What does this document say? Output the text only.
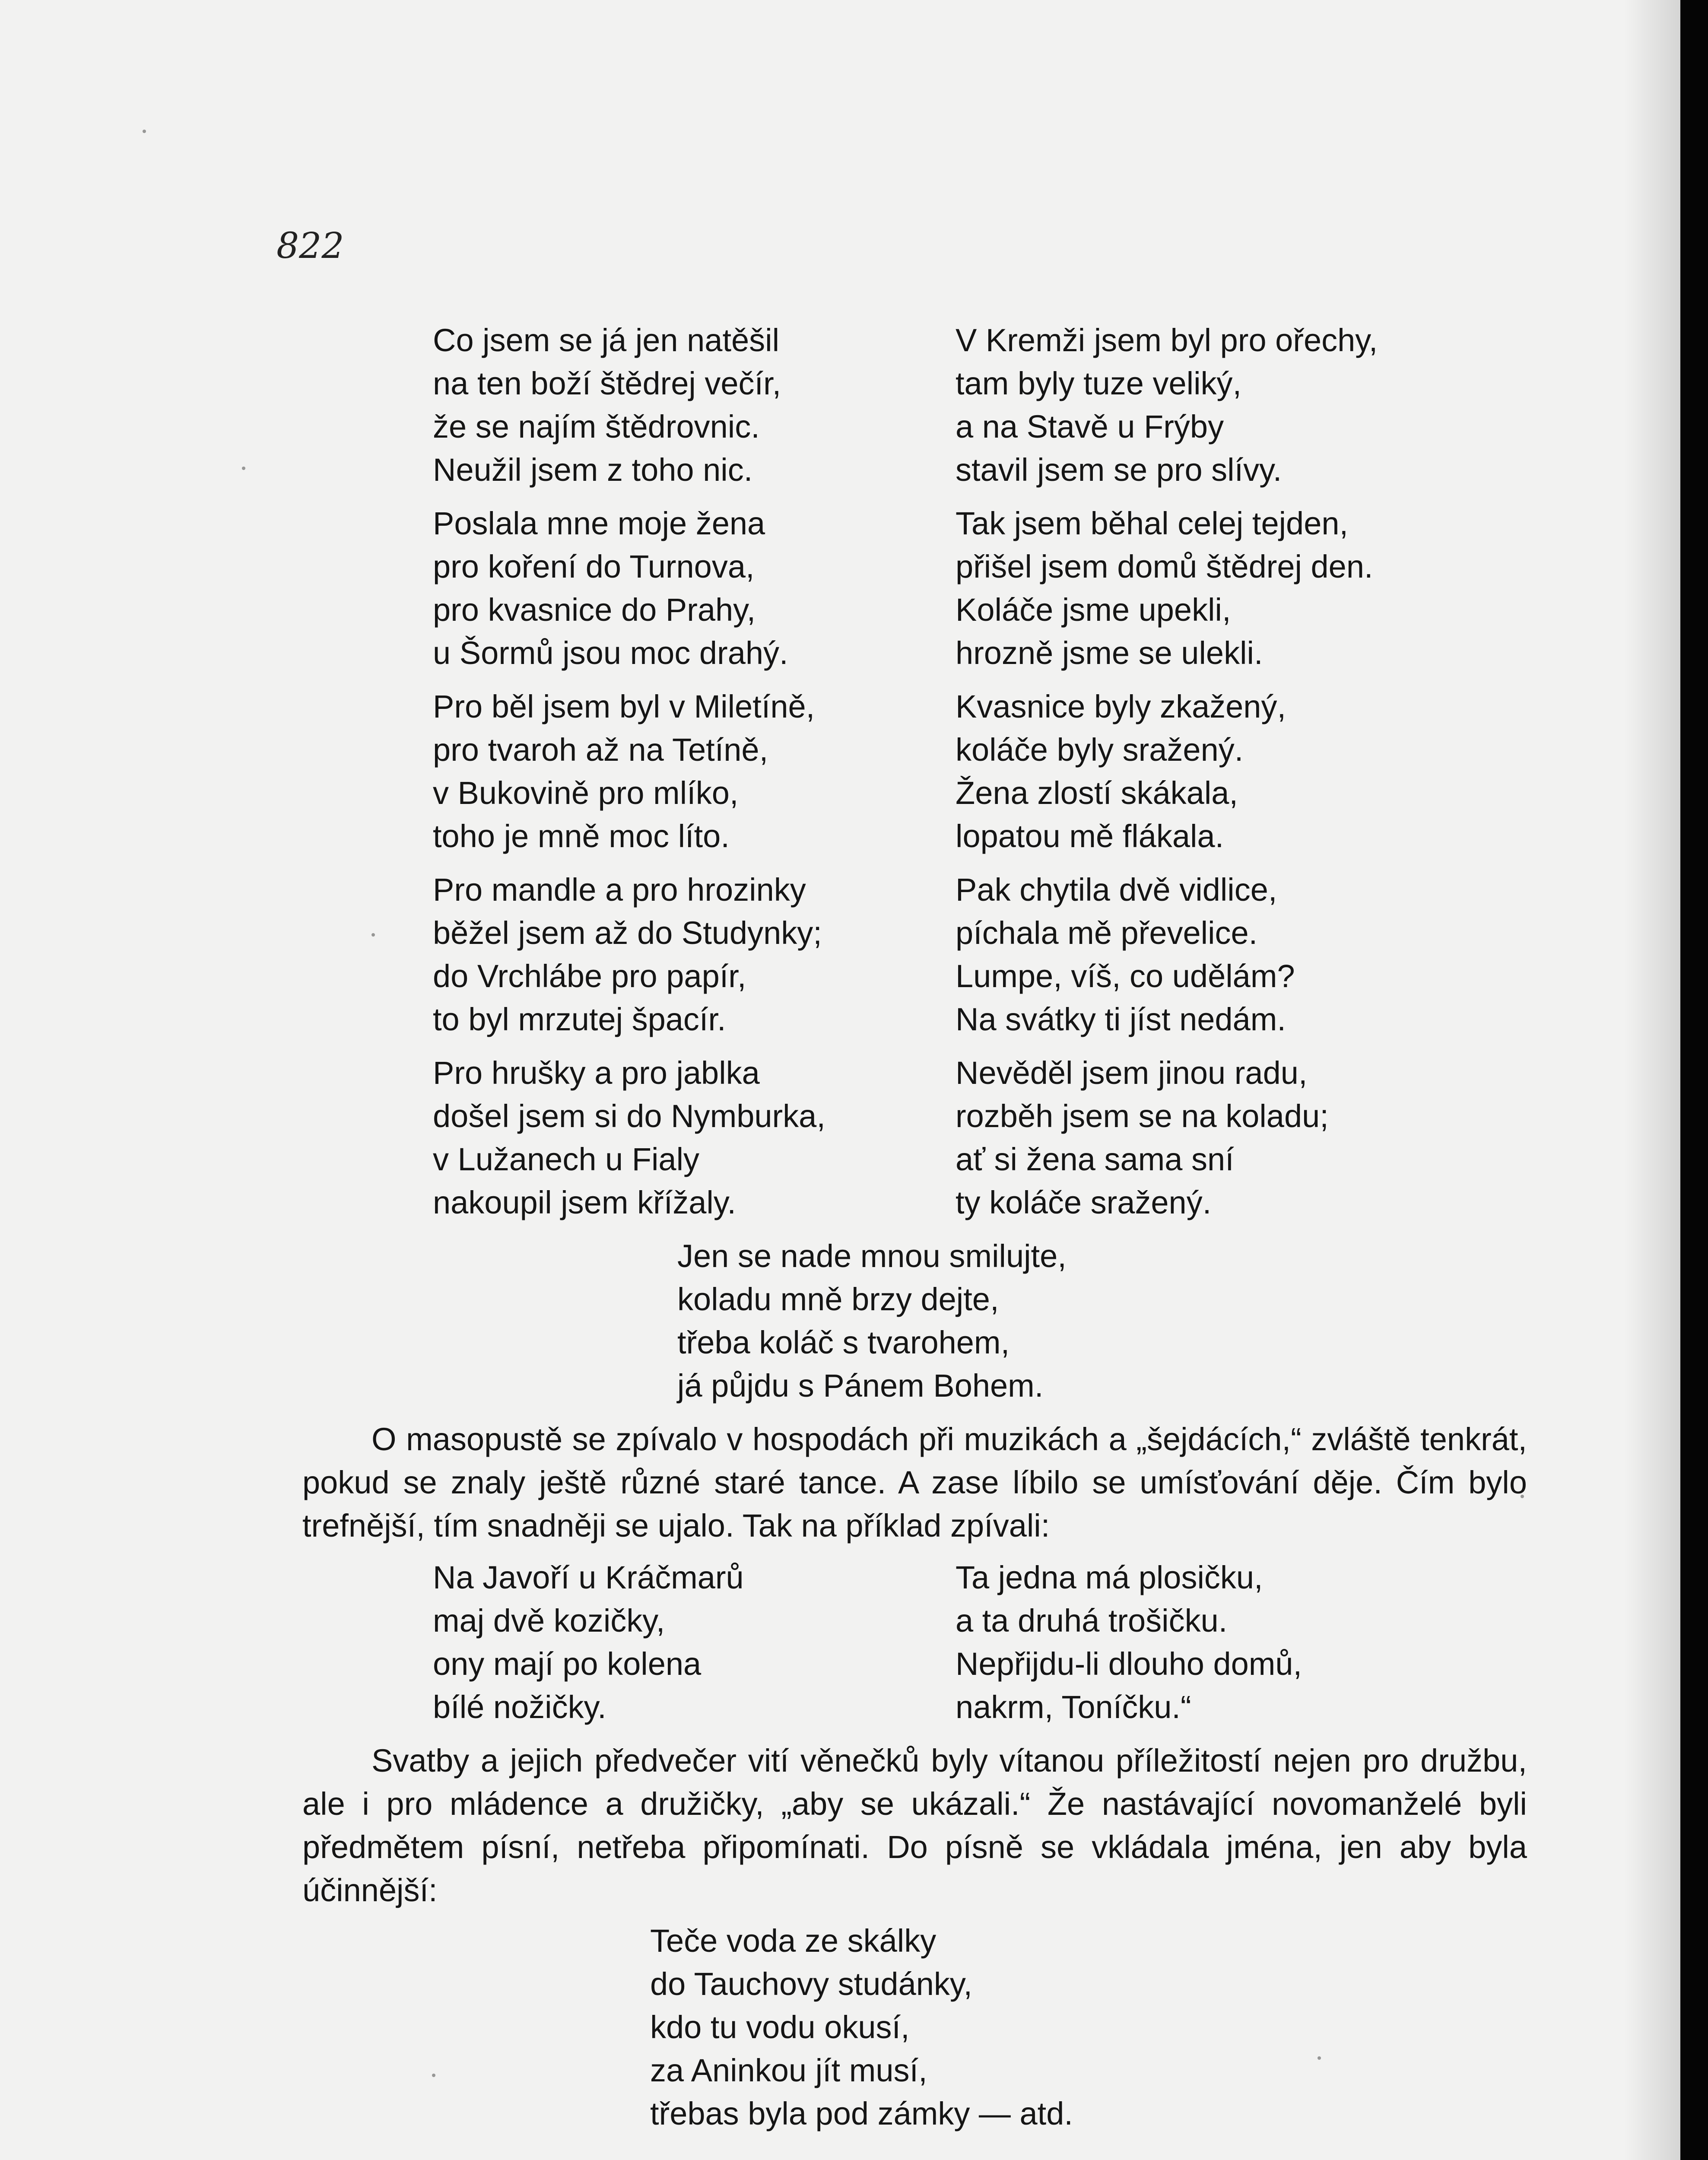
822

Co jsem se já jen natěšil

na ten boží štědrej večír,

že se najím štědrovnic.

Neužil jsem z toho nic.

Poslala mne moje žena

pro koření do Turnova,

pro kvasnice do Prahy,

u Šormů jsou moc drahý.

Pro běl jsem byl v Miletíně,

pro tvaroh až na Tetíně,

v Bukovině pro mlíko,

toho je mně moc líto.

Pro mandle a pro hrozinky

běžel jsem až do Studynky;

do Vrchlábe pro papír,

to byl mrzutej špacír.

Pro hrušky a pro jablka

došel jsem si do Nymburka,

v Lužanech u Fialy

nakoupil jsem křížaly.

V Kremži jsem byl pro ořechy,

tam byly tuze veliký,

a na Stavě u Frýby

stavil jsem se pro slívy.

Tak jsem běhal celej tejden,

přišel jsem domů štědrej den.

Koláče jsme upekli,

hrozně jsme se ulekli.

Kvasnice byly zkažený,

koláče byly sražený.

Žena zlostí skákala,

lopatou mě flákala.

Pak chytila dvě vidlice,

píchala mě převelice.

Lumpe, víš, co udělám?

Na svátky ti jíst nedám.

Nevěděl jsem jinou radu,

rozběh jsem se na koladu;

ať si žena sama sní

ty koláče sražený.

Jen se nade mnou smilujte,

koladu mně brzy dejte,

třeba koláč s tvarohem,

já půjdu s Pánem Bohem.

O masopustě se zpívalo v hospodách při muzikách a „šejdácích,“ zvláště tenkrát, pokud se znaly ještě různé staré tance. A zase líbilo se umísťování děje. Čím bylo trefnější, tím snadněji se ujalo. Tak na příklad zpívali:

Na Javoří u Kráčmarů

maj dvě kozičky,

ony mají po kolena

bílé nožičky.

Ta jedna má plosičku,

a ta druhá trošičku.

Nepřijdu-li dlouho domů,

nakrm, Toníčku.“

Svatby a jejich předvečer vití věnečků byly vítanou příležitostí nejen pro družbu, ale i pro mládence a družičky, „aby se ukázali.“ Že nastávající novomanželé byli předmětem písní, netřeba připomínati. Do písně se vkládala jména, jen aby byla účinnější:

Teče voda ze skálky

do Tauchovy studánky,

kdo tu vodu okusí,

za Aninkou jít musí,

třebas byla pod zámky — atd.
